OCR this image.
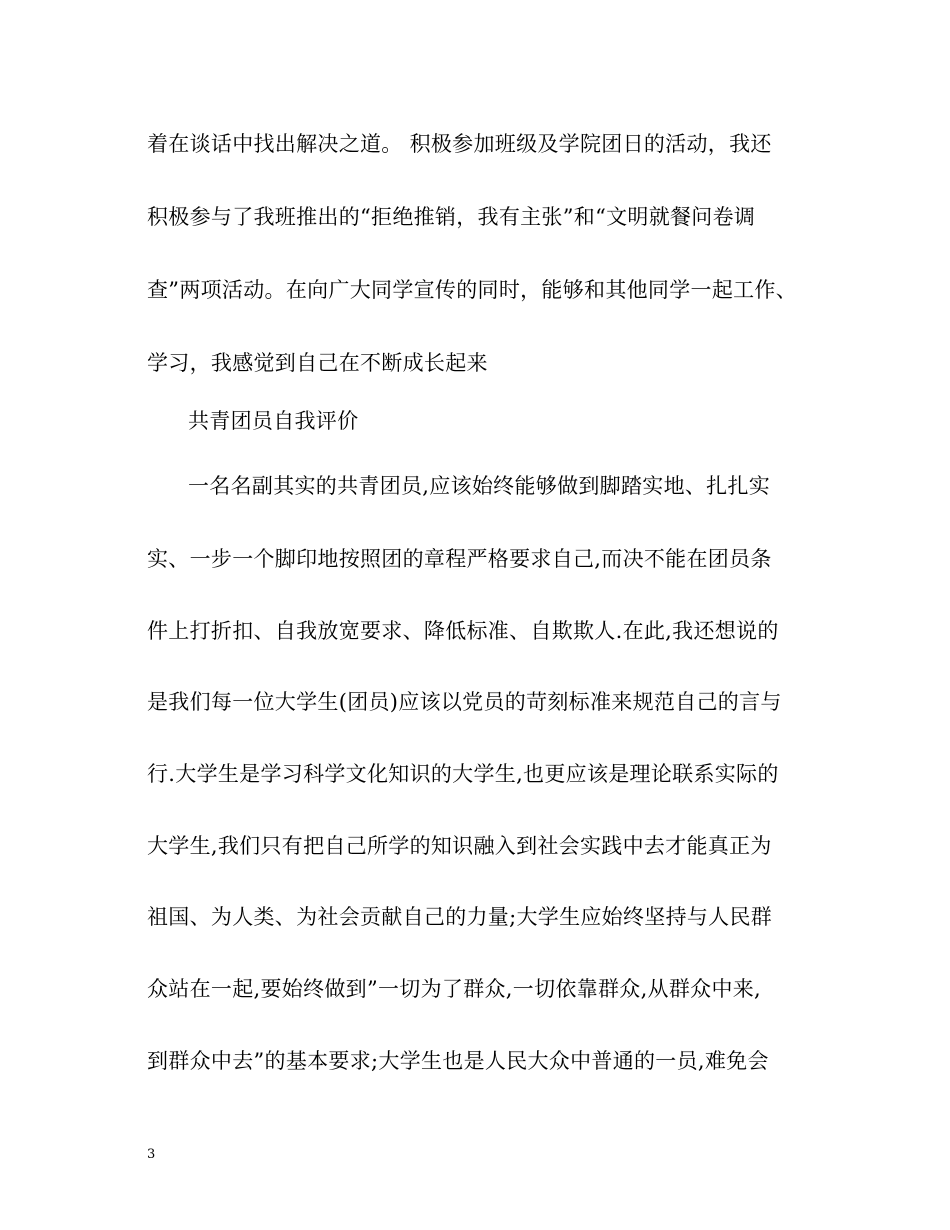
着在谈话中找出解决之道。 积极参加班级及学院团日的活动，我还
积极参与了我班推出的“拒绝推销，我有主张”和“文明就餐问卷调
查”两项活动。在向广大同学宣传的同时，能够和其他同学一起工作、
学习，我感觉到自己在不断成长起来
共青团员自我评价
一名名副其实的共青团员,应该始终能够做到脚踏实地、扎扎实
实、一步一个脚印地按照团的章程严格要求自己,而决不能在团员条
件上打折扣、自我放宽要求、降低标准、自欺欺人.在此,我还想说的
是我们每一位大学生(团员)应该以党员的苛刻标准来规范自己的言与
行.大学生是学习科学文化知识的大学生,也更应该是理论联系实际的
大学生,我们只有把自己所学的知识融入到社会实践中去才能真正为
祖国、为人类、为社会贡献自己的力量;大学生应始终坚持与人民群
众站在一起,要始终做到”一切为了群众,一切依靠群众,从群众中来,
到群众中去”的基本要求;大学生也是人民大众中普通的一员,难免会
3
